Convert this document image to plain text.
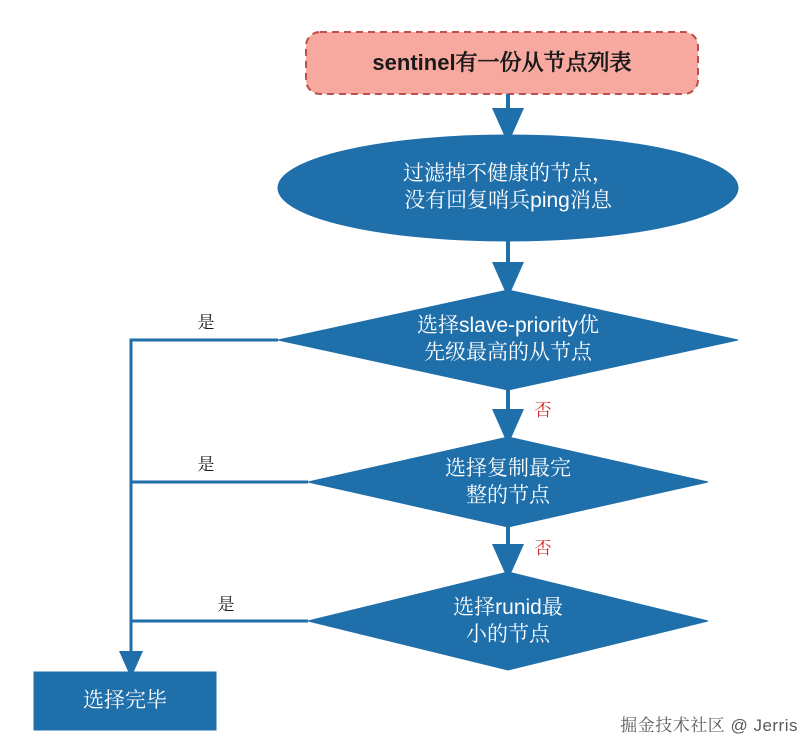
sentinel有一份从节点列表
过滤掉不健康的节点，
没有回复哨兵ping消息
选择slave-priority优
先级最高的从节点
选择复制最完
整的节点
选择runid最
小的节点
选择完毕
是
是
是
否
否
掘金技术社区 @ Jerris
